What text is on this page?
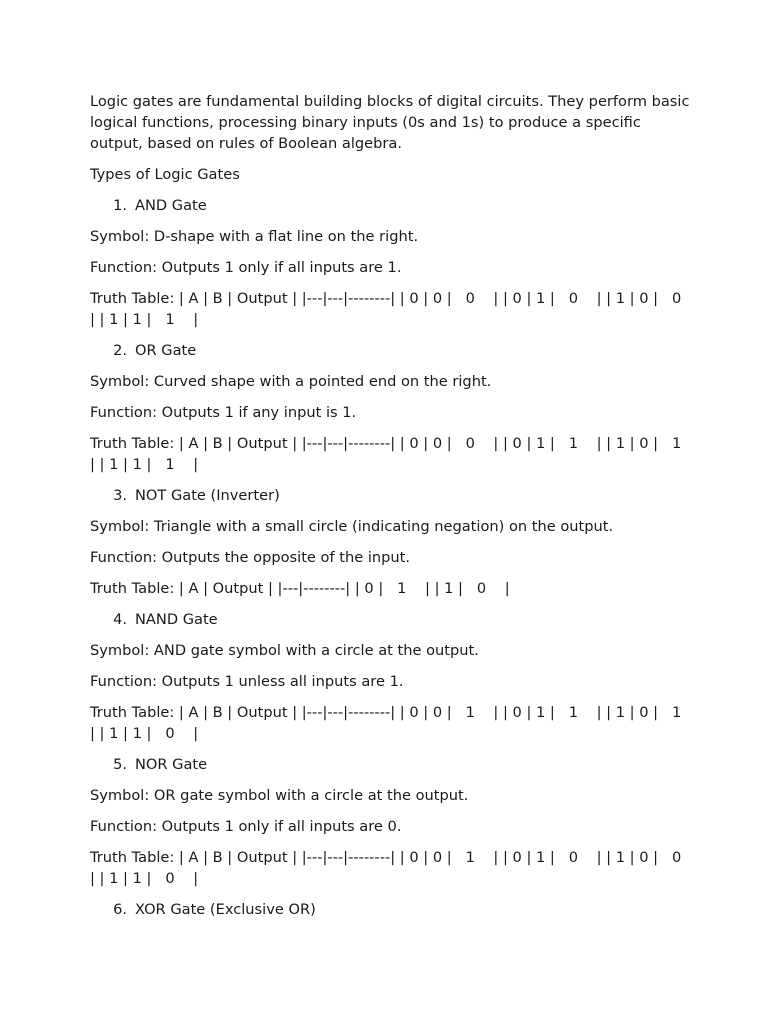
Logic gates are fundamental building blocks of digital circuits. They perform basic logical functions, processing binary inputs (0s and 1s) to produce a specific output, based on rules of Boolean algebra.

Types of Logic Gates

1. AND Gate

Symbol: D-shape with a flat line on the right.

Function: Outputs 1 only if all inputs are 1.

Truth Table: | A | B | Output | |---|---|--------| | 0 | 0 |   0    | | 0 | 1 |   0    | | 1 | 0 |   0    | | 1 | 1 |   1    |

2. OR Gate

Symbol: Curved shape with a pointed end on the right.

Function: Outputs 1 if any input is 1.

Truth Table: | A | B | Output | |---|---|--------| | 0 | 0 |   0    | | 0 | 1 |   1    | | 1 | 0 |   1    | | 1 | 1 |   1    |

3. NOT Gate (Inverter)

Symbol: Triangle with a small circle (indicating negation) on the output.

Function: Outputs the opposite of the input.

Truth Table: | A | Output | |---|--------| | 0 |   1    | | 1 |   0    |

4. NAND Gate

Symbol: AND gate symbol with a circle at the output.

Function: Outputs 1 unless all inputs are 1.

Truth Table: | A | B | Output | |---|---|--------| | 0 | 0 |   1    | | 0 | 1 |   1    | | 1 | 0 |   1    | | 1 | 1 |   0    |

5. NOR Gate

Symbol: OR gate symbol with a circle at the output.

Function: Outputs 1 only if all inputs are 0.

Truth Table: | A | B | Output | |---|---|--------| | 0 | 0 |   1    | | 0 | 1 |   0    | | 1 | 0 |   0    | | 1 | 1 |   0    |

6. XOR Gate (Exclusive OR)
